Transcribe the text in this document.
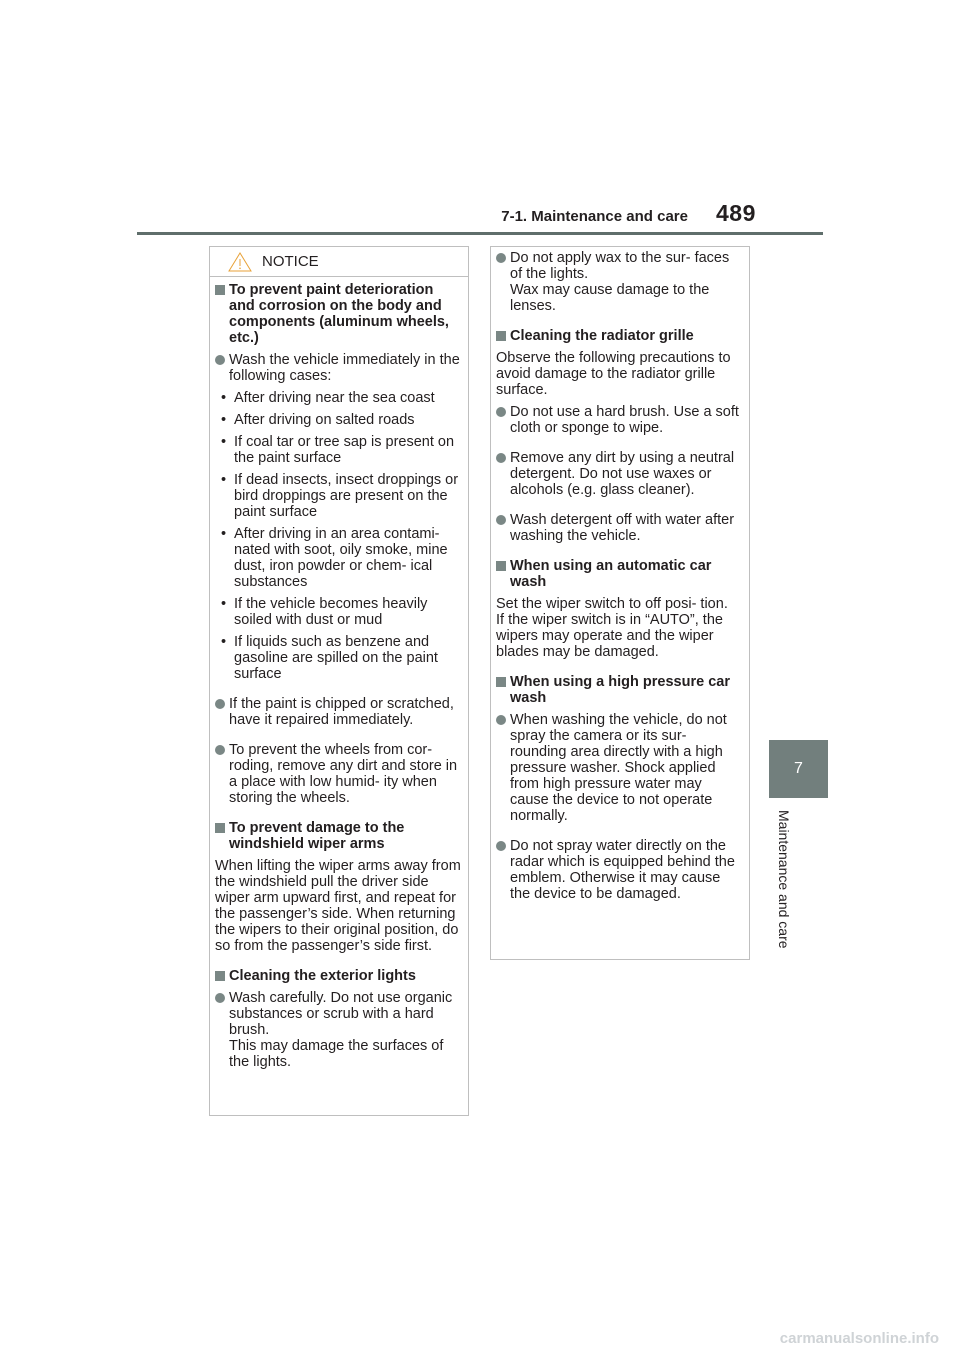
7-1. Maintenance and care 489
7
Maintenance and care
NOTICE
To prevent paint deterioration and corrosion on the body and components (aluminum wheels, etc.)
Wash the vehicle immediately in the following cases:
• After driving near the sea coast
• After driving on salted roads
• If coal tar or tree sap is present on the paint surface
• If dead insects, insect droppings or bird droppings are present on the paint surface
• After driving in an area contami- nated with soot, oily smoke, mine dust, iron powder or chem- ical substances
• If the vehicle becomes heavily soiled with dust or mud
• If liquids such as benzene and gasoline are spilled on the paint surface
If the paint is chipped or scratched, have it repaired immediately.
To prevent the wheels from cor- roding, remove any dirt and store in a place with low humid- ity when storing the wheels.
To prevent damage to the windshield wiper arms
When lifting the wiper arms away from the windshield pull the driver side wiper arm upward first, and repeat for the passenger’s side. When returning the wipers to their original position, do so from the passenger’s side first.
Cleaning the exterior lights
Wash carefully. Do not use organic substances or scrub with a hard brush.
This may damage the surfaces of the lights.
Do not apply wax to the sur- faces of the lights.
Wax may cause damage to the lenses.
Cleaning the radiator grille
Observe the following precautions to avoid damage to the radiator grille surface.
Do not use a hard brush. Use a soft cloth or sponge to wipe.
Remove any dirt by using a neutral detergent. Do not use waxes or alcohols (e.g. glass cleaner).
Wash detergent off with water after washing the vehicle.
When using an automatic car wash
Set the wiper switch to off posi- tion.
If the wiper switch is in “AUTO”, the wipers may operate and the wiper blades may be damaged.
When using a high pressure car wash
When washing the vehicle, do not spray the camera or its sur- rounding area directly with a high pressure washer. Shock applied from high pressure water may cause the device to not operate normally.
Do not spray water directly on the radar which is equipped behind the emblem. Otherwise it may cause the device to be damaged.
carmanualsonline.info
